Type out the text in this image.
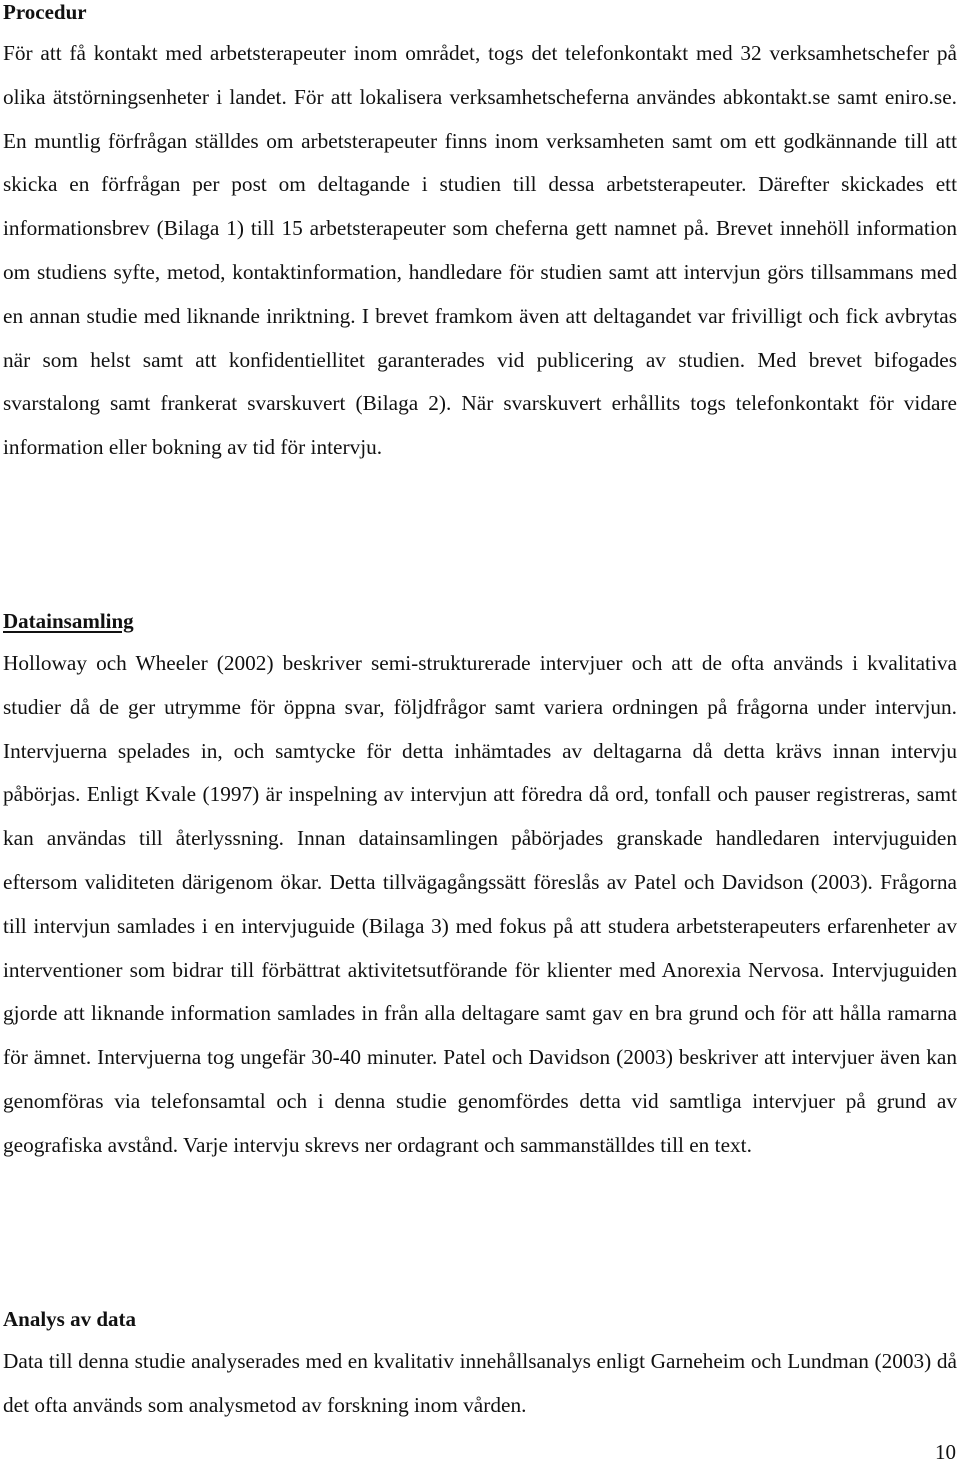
Procedur

För att få kontakt med arbetsterapeuter inom området, togs det telefonkontakt med 32 verksamhetschefer på olika ätstörningsenheter i landet. För att lokalisera verksamhetscheferna användes abkontakt.se samt eniro.se. En muntlig förfrågan ställdes om arbetsterapeuter finns inom verksamheten samt om ett godkännande till att skicka en förfrågan per post om deltagande i studien till dessa arbetsterapeuter. Därefter skickades ett informationsbrev (Bilaga 1) till 15 arbetsterapeuter som cheferna gett namnet på. Brevet innehöll information om studiens syfte, metod, kontaktinformation, handledare för studien samt att intervjun görs tillsammans med en annan studie med liknande inriktning. I brevet framkom även att deltagandet var frivilligt och fick avbrytas när som helst samt att konfidentiellitet garanterades vid publicering av studien. Med brevet bifogades svarstalong samt frankerat svarskuvert (Bilaga 2). När svarskuvert erhållits togs telefonkontakt för vidare information eller bokning av tid för intervju.

Datainsamling

Holloway och Wheeler (2002) beskriver semi-strukturerade intervjuer och att de ofta används i kvalitativa studier då de ger utrymme för öppna svar, följdfrågor samt variera ordningen på frågorna under intervjun. Intervjuerna spelades in, och samtycke för detta inhämtades av deltagarna då detta krävs innan intervju påbörjas. Enligt Kvale (1997) är inspelning av intervjun att föredra då ord, tonfall och pauser registreras, samt kan användas till återlyssning. Innan datainsamlingen påbörjades granskade handledaren intervjuguiden eftersom validiteten därigenom ökar. Detta tillvägagångssätt föreslås av Patel och Davidson (2003). Frågorna till intervjun samlades i en intervjuguide (Bilaga 3) med fokus på att studera arbetsterapeuters erfarenheter av interventioner som bidrar till förbättrat aktivitetsutförande för klienter med Anorexia Nervosa. Intervjuguiden gjorde att liknande information samlades in från alla deltagare samt gav en bra grund och för att hålla ramarna för ämnet. Intervjuerna tog ungefär 30-40 minuter. Patel och Davidson (2003) beskriver att intervjuer även kan genomföras via telefonsamtal och i denna studie genomfördes detta vid samtliga intervjuer på grund av geografiska avstånd. Varje intervju skrevs ner ordagrant och sammanställdes till en text.

Analys av data

Data till denna studie analyserades med en kvalitativ innehållsanalys enligt Garneheim och Lundman (2003) då det ofta används som analysmetod av forskning inom vården.

10
